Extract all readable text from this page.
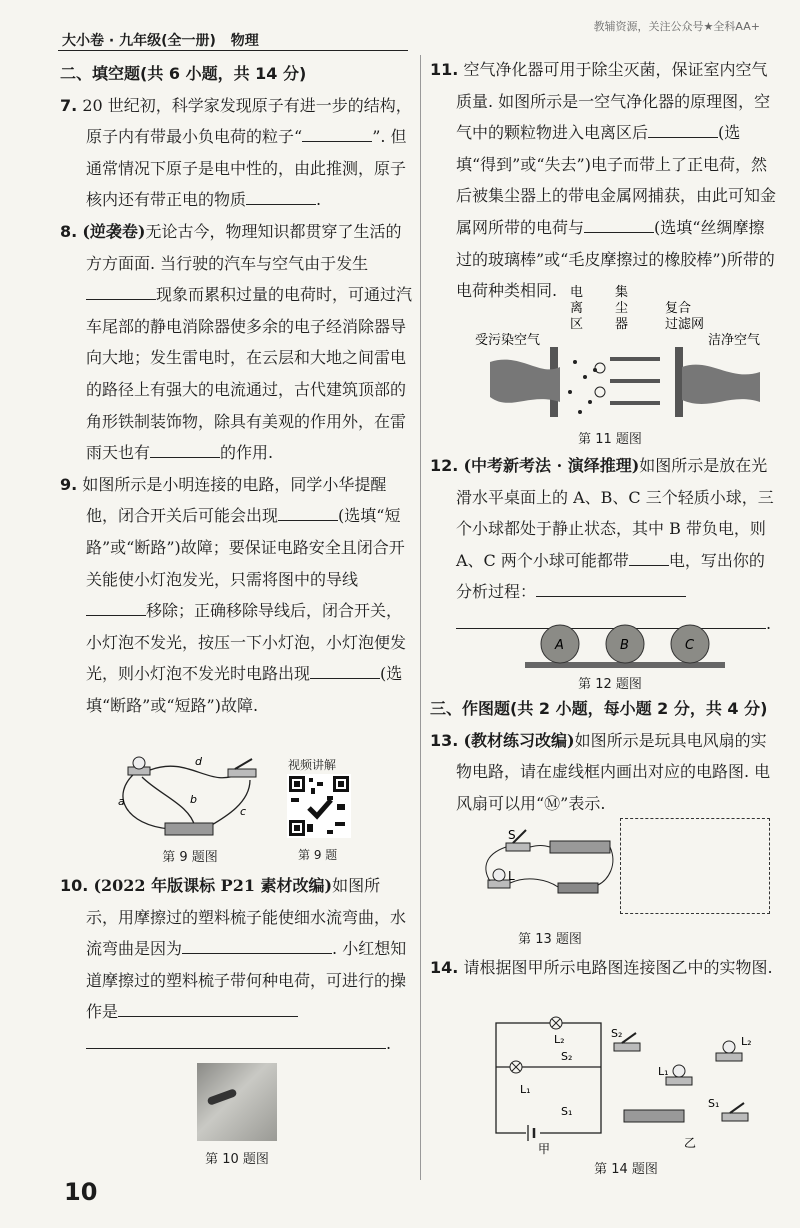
大小卷 · 九年级(全一册) 物理
教辅资源，关注公众号★全科AA+
二、填空题(共 6 小题，共 14 分)

7. 20 世纪初，科学家发现原子有进一步的结构，原子内有带最小负电荷的粒子“	”. 但通常情况下原子是电中性的，由此推测，原子核内还有带正电的物质	.

8. (逆袭卷)无论古今，物理知识都贯穿了生活的方方面面. 当行驶的汽车与空气由于发生现象而累积过量的电荷时，可通过汽车尾部的静电消除器使多余的电子经消除器导向大地；发生雷电时，在云层和大地之间雷电的路径上有强大的电流通过，古代建筑顶部的角形铁制装饰物，除具有美观的作用外，在雷雨天也有	的作用.

9. 如图所示是小明连接的电路，同学小华提醒他，闭合开关后可能会出现	(选填“短路”或“断路”)故障；要保证电路安全且闭合开关能使小灯泡发光，只需将图中的导线移除；正确移除导线后，闭合开关，小灯泡不发光，按压一下小灯泡，小灯泡便发光，则小灯泡不发光时电路出现	(选填“断路”或“短路”)故障.

a	b
c
d
第 9 题图
视频讲解
第 9 题

10. (2022 年版课标 P21 素材改编)如图所示，用摩擦过的塑料梳子能使细水流弯曲，水流弯曲是因为	. 小红想知道摩擦过的塑料梳子带何种电荷，可进行的操作是.

第 10 题图
10

11. 空气净化器可用于除尘灭菌，保证室内空气质量. 如图所示是一空气净化器的原理图，空气中的颗粒物进入电离区后	(选填“得到”或“失去”)电子而带上了正电荷，然后被集尘器上的带电金属网捕获，由此可知金属网所带的电荷与	(选填“丝绸摩擦过的玻璃棒”或“毛皮摩擦过的橡胶棒”)所带的电荷种类相同.

受污染空气
电离区
集尘器
复合过滤网
洁净空气
第 11 题图

12. (中考新考法 · 演绎推理)如图所示是放在光滑水平桌面上的 A、B、C 三个轻质小球，三个小球都处于静止状态，其中 B 带负电，则 A、C 两个小球可能都带	电，写出你的分析过程：.

A	B	C
第 12 题图
三、作图题(共 2 小题，每小题 2 分，共 4 分)

13. (教材练习改编)如图所示是玩具电风扇的实物电路，请在虚线框内画出对应的电路图. 电风扇可以用“Ⓜ”表示.

S
L
第 13 题图

14. 请根据图甲所示电路图连接图乙中的实物图.

L₂
L₁
S₂
S₁
甲
S₂
L₂
L₁
S₁
乙
第 14 题图
